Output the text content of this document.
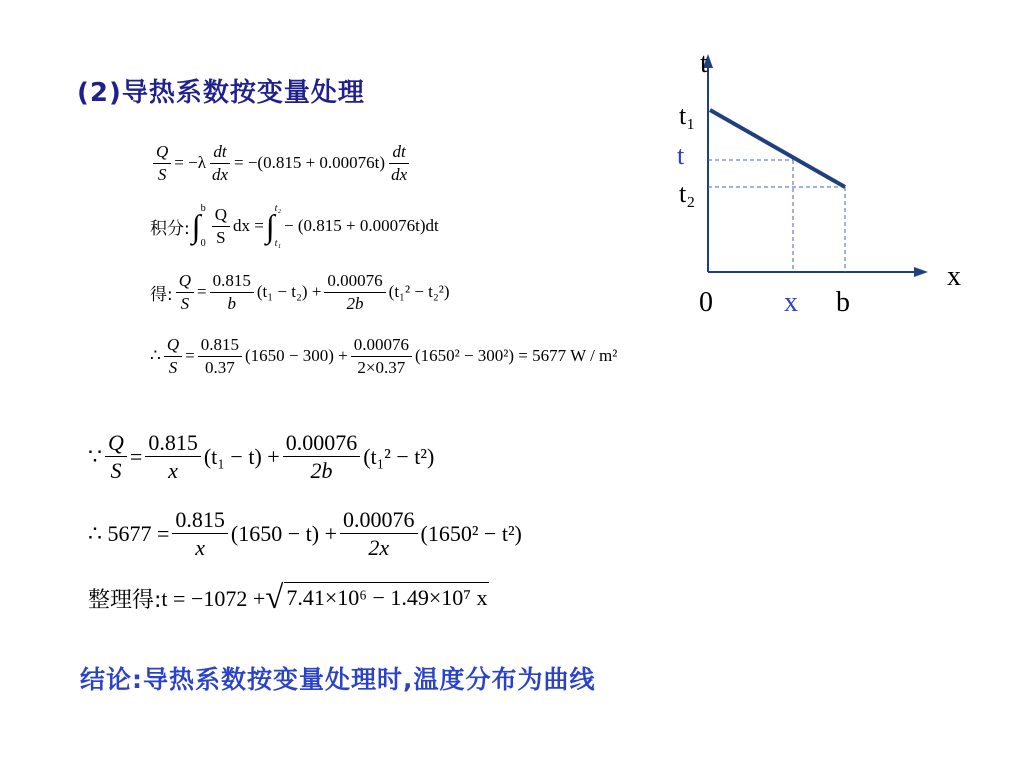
(2)导热系数按变量处理
$\frac{Q}{S} = -\lambda \frac{dt}{dx} = -(0.815 + 0.00076t) \frac{dt}{dx}$
积分: ∫ b
$0 \frac{Q}{S}$ dx = ∫ t₂
t₁
− (0.815 + 0.00076t)dt
得: $\frac{Q}{S} = \frac{0.815}{b} (t_1 - t_2) + \frac{0.00076}{2b} (t_1^2 - t_2^2)$
∴ $\frac{Q}{S} = \frac{0.815}{0.37} (1650 - 300) + \frac{0.00076}{2\times 0.37} (1650^2 - 300^2) = 5677$ W / m²
∵ $\frac{Q}{S} = \frac{0.815}{x} (t_1 - t) + \frac{0.00076}{2b} (t_1^2 - t^2)$
∴ $5677 = \frac{0.815}{x} (1650 - t) + \frac{0.00076}{2x} (1650^2 - t^2)$
整理得: t = −1072 + √ 7.41×10⁶ − 1.49×10⁷ x
结论:导热系数按变量处理时,温度分布为曲线
t
x
t₁
t
t₂
0	x b
